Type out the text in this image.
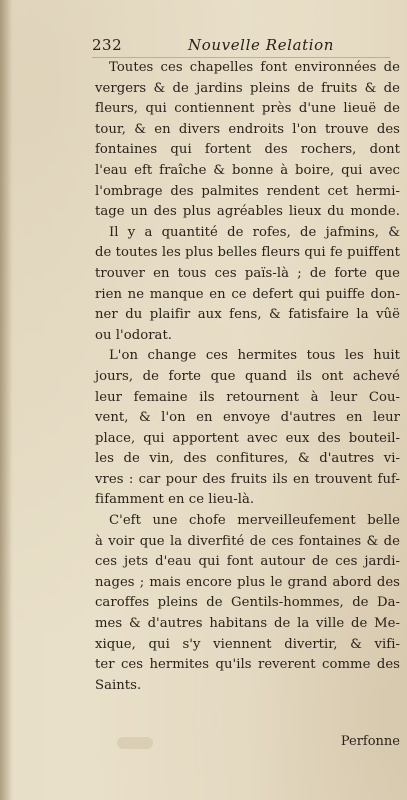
232	Nouvelle Relation

Toutes ces chapelles font environnées de
vergers & de jardins pleins de fruits & de
fleurs, qui contiennent près d'une lieuë de
tour, & en divers endroits l'on trouve des
fontaines qui fortent des rochers, dont
l'eau eft fraîche & bonne à boire, qui avec
l'ombrage des palmites rendent cet hermi-
tage un des plus agréables lieux du monde.

Il y a quantité de rofes, de jafmins, &
de toutes les plus belles fleurs qui fe puiffent
trouver en tous ces païs-là ; de forte que
rien ne manque en ce defert qui puiffe don-
ner du plaifir aux fens, & fatisfaire la vûë
ou l'odorat.

L'on change ces hermites tous les huit
jours, de forte que quand ils ont achevé
leur femaine ils retournent à leur Cou-
vent, & l'on en envoye d'autres en leur
place, qui apportent avec eux des bouteil-
les de vin, des confitures, & d'autres vi-
vres : car pour des fruits ils en trouvent fuf-
fifamment en ce lieu-là.

C'eft une chofe merveilleufement belle
à voir que la diverfité de ces fontaines & de
ces jets d'eau qui font autour de ces jardi-
nages ; mais encore plus le grand abord des
caroffes pleins de Gentils-hommes, de Da-
mes & d'autres habitans de la ville de Me-
xique, qui s'y viennent divertir, & vifi-
ter ces hermites qu'ils reverent comme des
Saints.

Perfonne
